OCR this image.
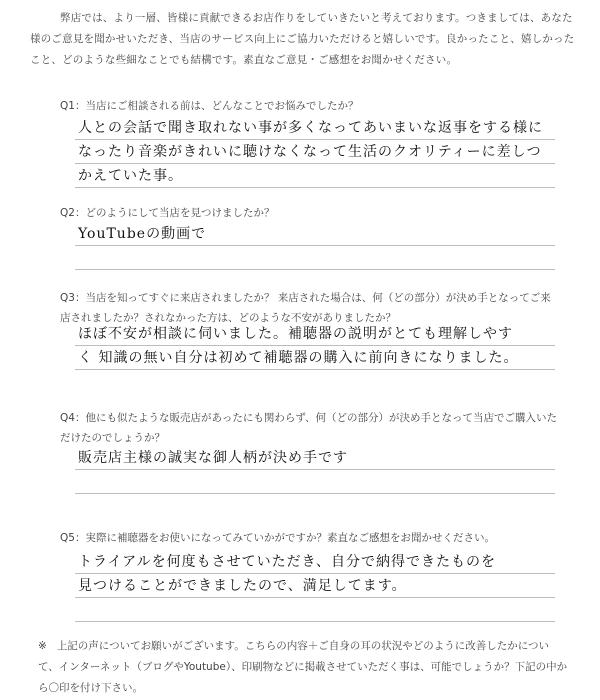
弊店では、より一層、皆様に貢献できるお店作りをしていきたいと考えております。つきましては、あなた様のご意見を聞かせいただき、当店のサービス向上にご協力いただけると嬉しいです。良かったこと、嬉しかったこと、どのような些細なことでも結構です。素直なご意見・ご感想をお聞かせください。
Q1：当店にご相談される前は、どんなことでお悩みでしたか？
人との会話で聞き取れない事が多くなってあいまいな返事をする様に
なったり音楽がきれいに聴けなくなって生活のクオリティーに差しつ
かえていた事。
Q2：どのようにして当店を見つけましたか？
YouTubeの動画で
Q3：当店を知ってすぐに来店されましたか？ 来店された場合は、何（どの部分）が決め手となってご来店されましたか？されなかった方は、どのような不安がありましたか？
ほぼ不安が相談に伺いました。補聴器の説明がとても理解しやす
く 知識の無い自分は初めて補聴器の購入に前向きになりました。
Q4：他にも似たような販売店があったにも関わらず、何（どの部分）が決め手となって当店でご購入いただけたのでしょうか？
販売店主様の誠実な御人柄が決め手です
Q5：実際に補聴器をお使いになってみていかがですか？素直なご感想をお聞かせください。
トライアルを何度もさせていただき、自分で納得できたものを
見つけることができましたので、満足してます。
※ 上記の声についてお願いがございます。こちらの内容＋ご自身の耳の状況やどのように改善したかについて、インターネット（ブログやYoutube）、印刷物などに掲載させていただく事は、可能でしょうか？下記の中から〇印を付け下さい。
